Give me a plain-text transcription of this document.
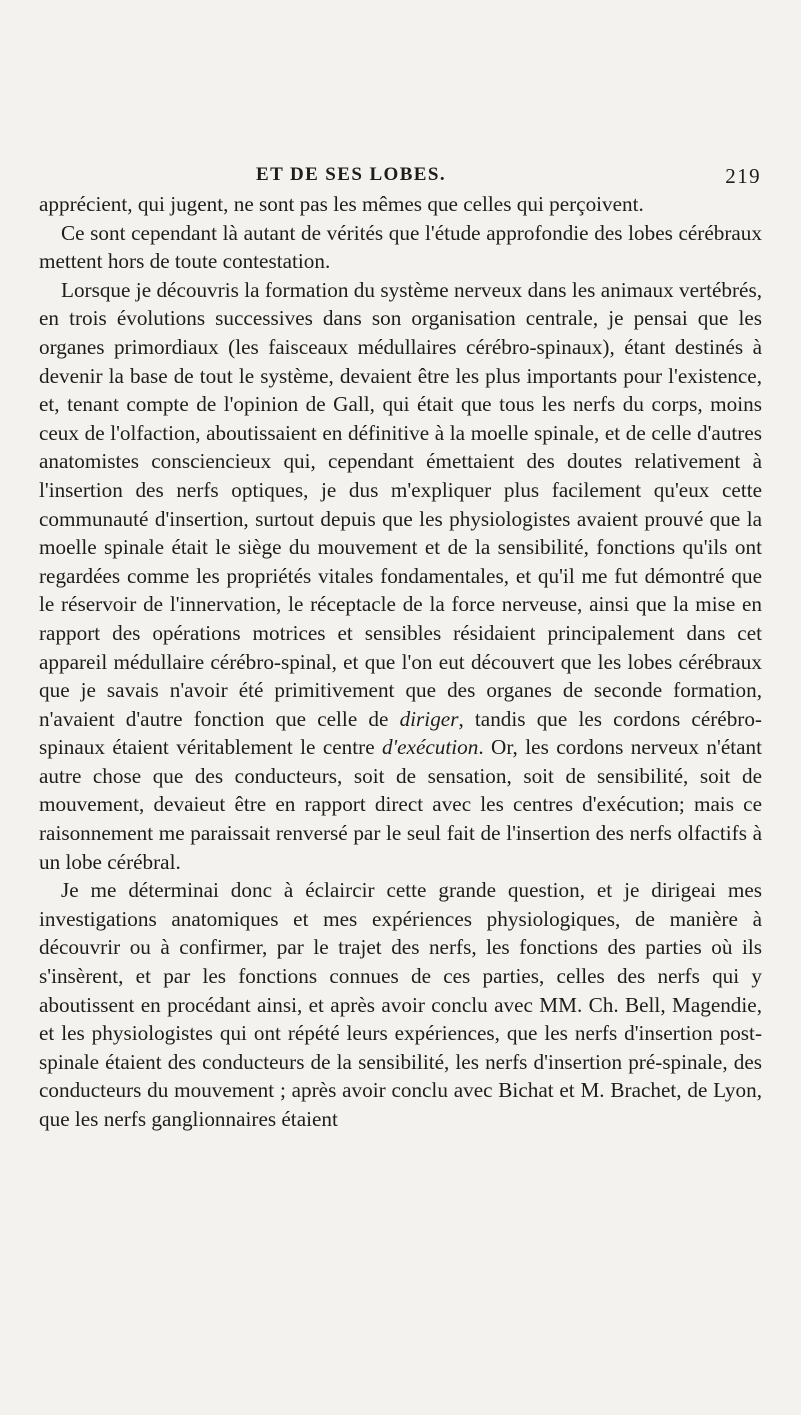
ET DE SES LOBES.	219

apprécient, qui jugent, ne sont pas les mêmes que celles qui perçoivent.

Ce sont cependant là autant de vérités que l'étude approfondie des lobes cérébraux mettent hors de toute contestation.

Lorsque je découvris la formation du système nerveux dans les animaux vertébrés, en trois évolutions successives dans son organisation centrale, je pensai que les organes primordiaux (les faisceaux médullaires cérébro-spinaux), étant destinés à devenir la base de tout le système, devaient être les plus importants pour l'existence, et, tenant compte de l'opinion de Gall, qui était que tous les nerfs du corps, moins ceux de l'olfaction, aboutissaient en définitive à la moelle spinale, et de celle d'autres anatomistes consciencieux qui, cependant émettaient des doutes relativement à l'insertion des nerfs optiques, je dus m'expliquer plus facilement qu'eux cette communauté d'insertion, surtout depuis que les physiologistes avaient prouvé que la moelle spinale était le siège du mouvement et de la sensibilité, fonctions qu'ils ont regardées comme les propriétés vitales fondamentales, et qu'il me fut démontré que le réservoir de l'innervation, le réceptacle de la force nerveuse, ainsi que la mise en rapport des opérations motrices et sensibles résidaient principalement dans cet appareil médullaire cérébro-spinal, et que l'on eut découvert que les lobes cérébraux que je savais n'avoir été primitivement que des organes de seconde formation, n'avaient d'autre fonction que celle de diriger, tandis que les cordons cérébro-spinaux étaient véritablement le centre d'exécution. Or, les cordons nerveux n'étant autre chose que des conducteurs, soit de sensation, soit de sensibilité, soit de mouvement, devaieut être en rapport direct avec les centres d'exécution; mais ce raisonnement me paraissait renversé par le seul fait de l'insertion des nerfs olfactifs à un lobe cérébral.

Je me déterminai donc à éclaircir cette grande question, et je dirigeai mes investigations anatomiques et mes expériences physiologiques, de manière à découvrir ou à confirmer, par le trajet des nerfs, les fonctions des parties où ils s'insèrent, et par les fonctions connues de ces parties, celles des nerfs qui y aboutissent en procédant ainsi, et après avoir conclu avec MM. Ch. Bell, Magendie, et les physiologistes qui ont répété leurs expériences, que les nerfs d'insertion post-spinale étaient des conducteurs de la sensibilité, les nerfs d'insertion pré-spinale, des conducteurs du mouvement ; après avoir conclu avec Bichat et M. Brachet, de Lyon, que les nerfs ganglionnaires étaient
